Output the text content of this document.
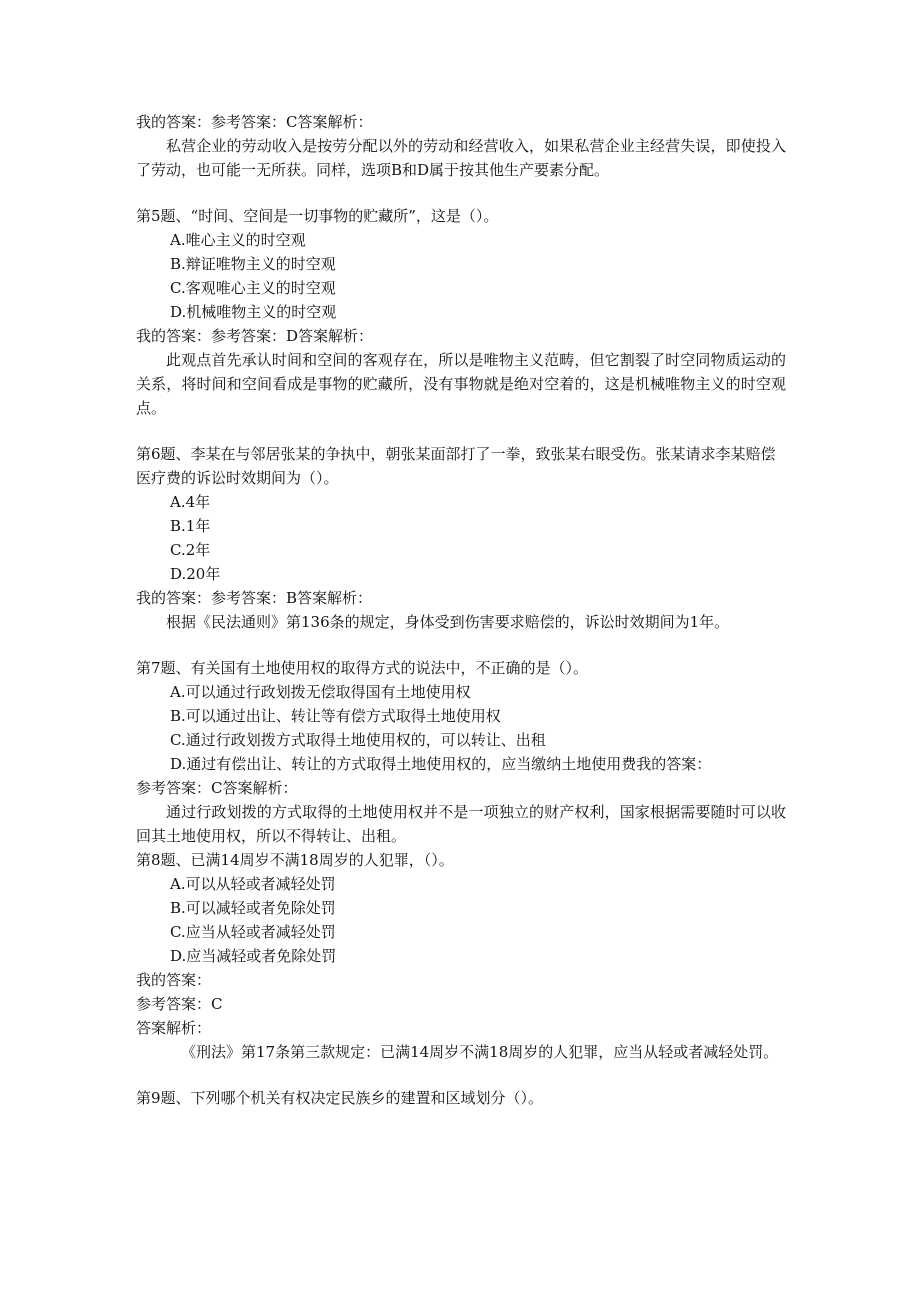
我的答案：参考答案：C答案解析：
私营企业的劳动收入是按劳分配以外的劳动和经营收入，如果私营企业主经营失误，即使投入了劳动，也可能一无所获。同样，选项B和D属于按其他生产要素分配。
第5题、“时间、空间是一切事物的贮藏所”，这是（）。
A.唯心主义的时空观
B.辩证唯物主义的时空观
C.客观唯心主义的时空观
D.机械唯物主义的时空观
我的答案：参考答案：D答案解析：
此观点首先承认时间和空间的客观存在，所以是唯物主义范畴，但它割裂了时空同物质运动的关系，将时间和空间看成是事物的贮藏所，没有事物就是绝对空着的，这是机械唯物主义的时空观点。
第6题、李某在与邻居张某的争执中，朝张某面部打了一拳，致张某右眼受伤。张某请求李某赔偿医疗费的诉讼时效期间为（）。
A.4年
B.1年
C.2年
D.20年
我的答案：参考答案：B答案解析：
根据《民法通则》第136条的规定，身体受到伤害要求赔偿的，诉讼时效期间为1年。
第7题、有关国有土地使用权的取得方式的说法中，不正确的是（）。
A.可以通过行政划拨无偿取得国有土地使用权
B.可以通过出让、转让等有偿方式取得土地使用权
C.通过行政划拨方式取得土地使用权的，可以转让、出租
D.通过有偿出让、转让的方式取得土地使用权的，应当缴纳土地使用费我的答案：
参考答案：C答案解析：
通过行政划拨的方式取得的土地使用权并不是一项独立的财产权利，国家根据需要随时可以收回其土地使用权，所以不得转让、出租。
第8题、已满14周岁不满18周岁的人犯罪，（）。
A.可以从轻或者减轻处罚
B.可以减轻或者免除处罚
C.应当从轻或者减轻处罚
D.应当减轻或者免除处罚
我的答案：
参考答案：C
答案解析：
《刑法》第17条第三款规定：已满14周岁不满18周岁的人犯罪，应当从轻或者减轻处罚。
第9题、下列哪个机关有权决定民族乡的建置和区域划分（）。
